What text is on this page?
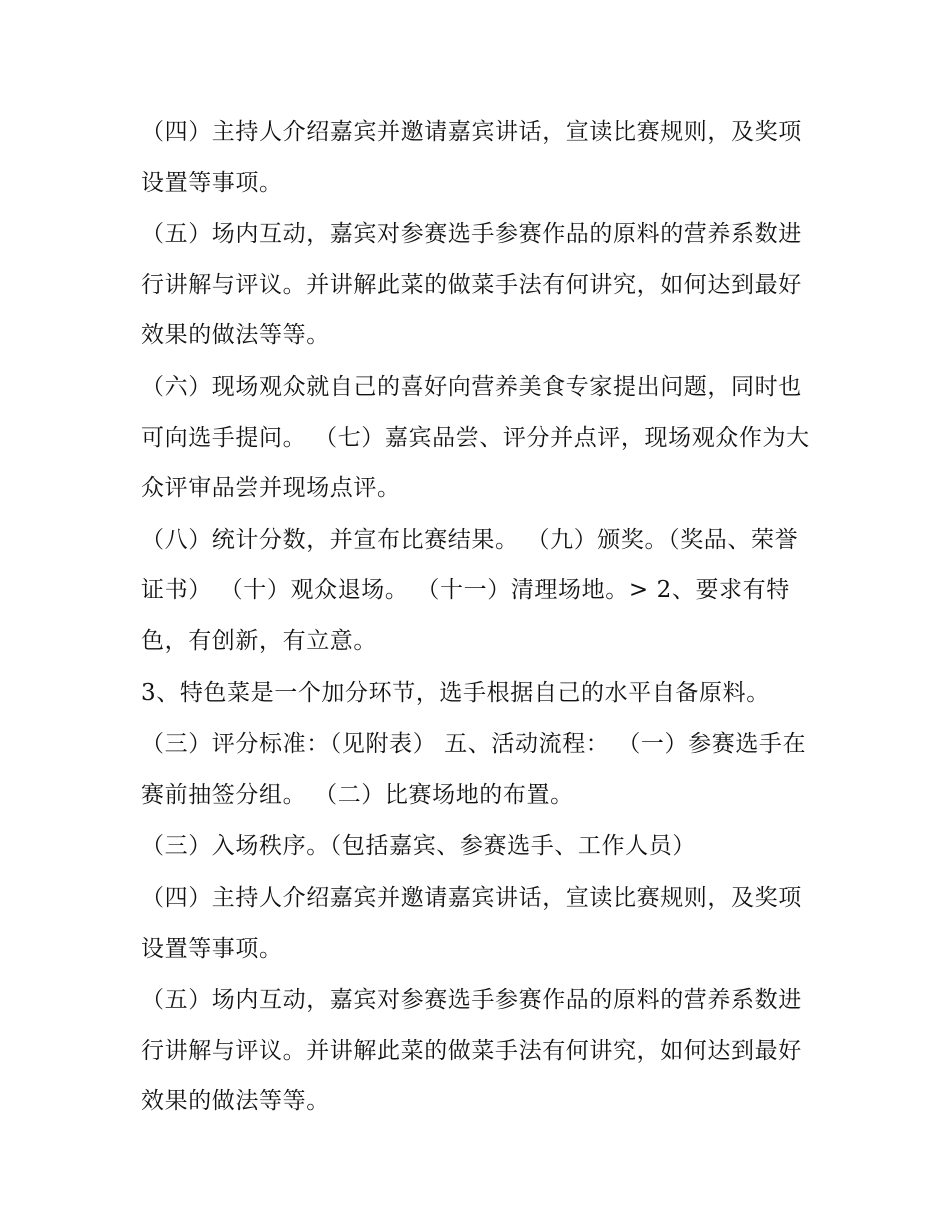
（四）主持人介绍嘉宾并邀请嘉宾讲话，宣读比赛规则，及奖项设置等事项。

（五）场内互动，嘉宾对参赛选手参赛作品的原料的营养系数进行讲解与评议。并讲解此菜的做菜手法有何讲究，如何达到最好效果的做法等等。

（六）现场观众就自己的喜好向营养美食专家提出问题，同时也可向选手提问。 （七）嘉宾品尝、评分并点评，现场观众作为大众评审品尝并现场点评。

（八）统计分数，并宣布比赛结果。 （九）颁奖。（奖品、荣誉证书） （十）观众退场。 （十一）清理场地。> 2、要求有特色，有创新，有立意。

3、特色菜是一个加分环节，选手根据自己的水平自备原料。

（三）评分标准：（见附表） 五、活动流程： （一）参赛选手在赛前抽签分组。 （二）比赛场地的布置。

（三）入场秩序。（包括嘉宾、参赛选手、工作人员）

（四）主持人介绍嘉宾并邀请嘉宾讲话，宣读比赛规则，及奖项设置等事项。

（五）场内互动，嘉宾对参赛选手参赛作品的原料的营养系数进行讲解与评议。并讲解此菜的做菜手法有何讲究，如何达到最好效果的做法等等。
